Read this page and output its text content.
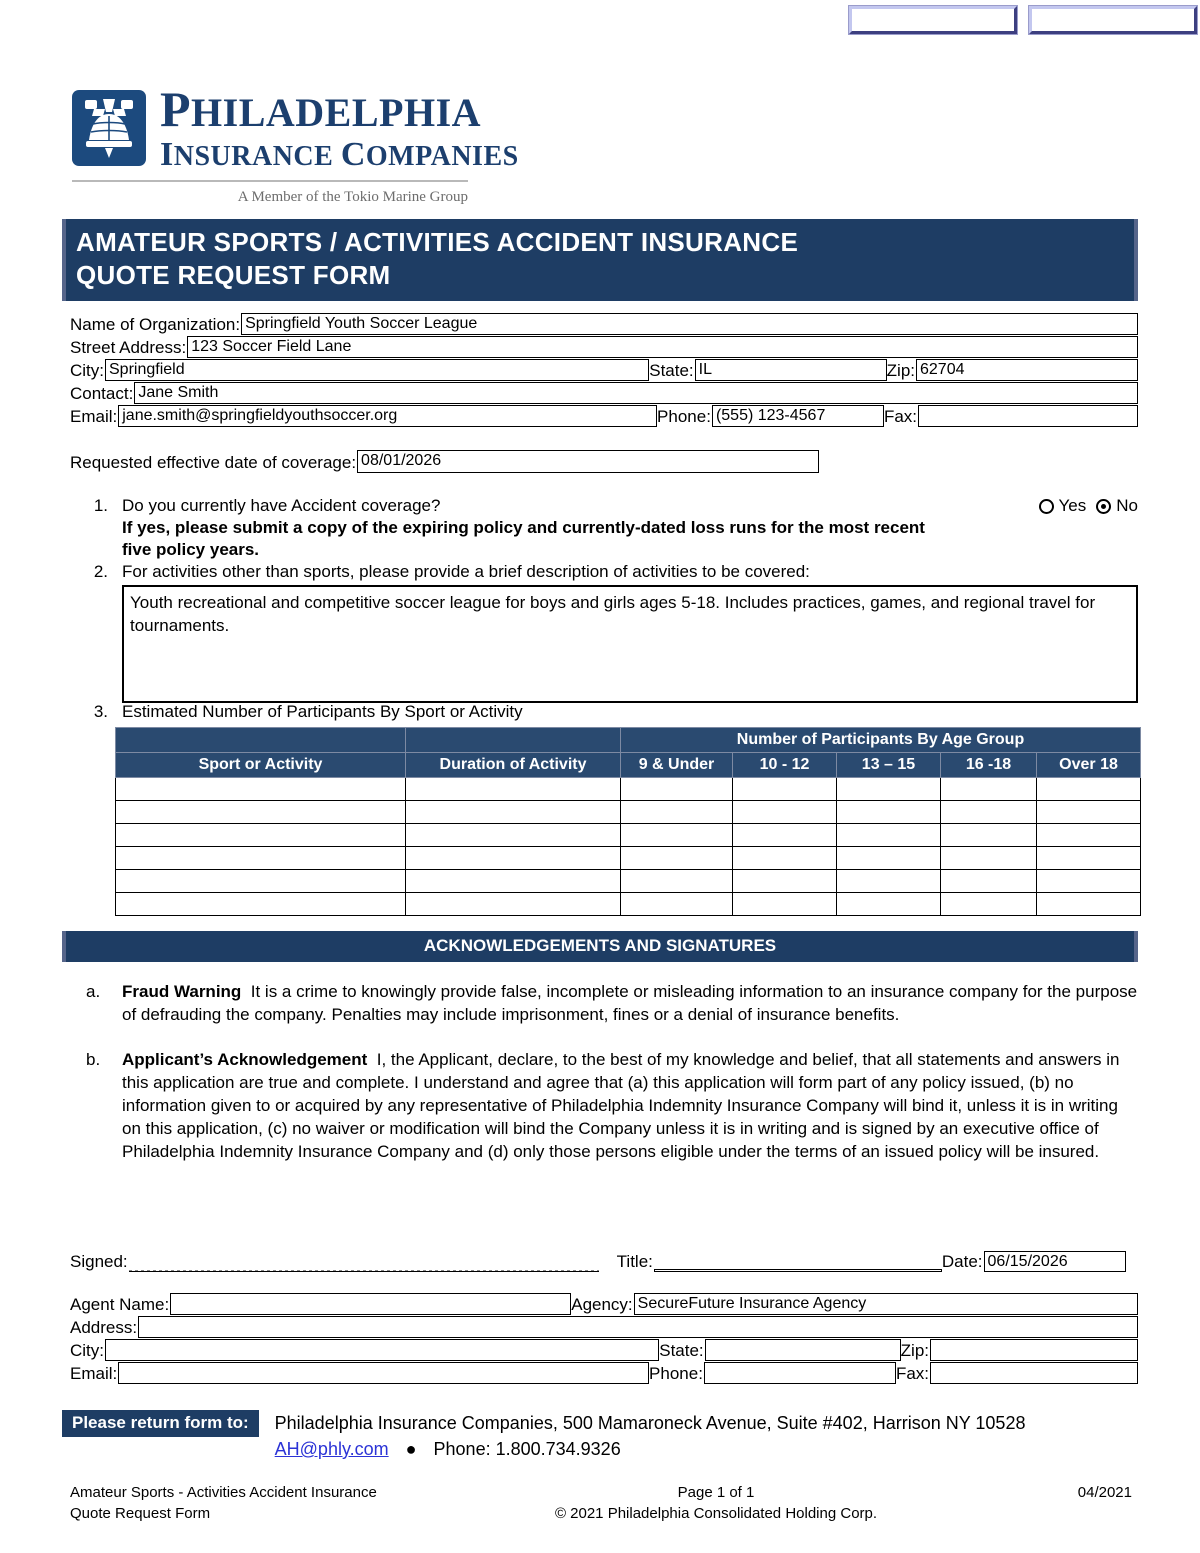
PHILADELPHIA
INSURANCE COMPANIES
A Member of the Tokio Marine Group
AMATEUR SPORTS / ACTIVITIES ACCIDENT INSURANCE
QUOTE REQUEST FORM
Name of Organization: Springfield Youth Soccer League
Street Address: 123 Soccer Field Lane
City: Springfield	State: IL	Zip: 62704
Contact: Jane Smith
Email: jane.smith@springfieldyouthsoccer.org	Phone: (555) 123-4567	Fax:
Requested effective date of coverage: 08/01/2026
1. Do you currently have Accident coverage?	Yes No
If yes, please submit a copy of the expiring policy and currently-dated loss runs for the most recent five policy years.
2. For activities other than sports, please provide a brief description of activities to be covered:
Youth recreational and competitive soccer league for boys and girls ages 5-18. Includes practices, games, and regional travel for tournaments.
3. Estimated Number of Participants By Sport or Activity
		Number of Participants By Age Group				
Sport or Activity	Duration of Activity	9 & Under	10 - 12	13 – 15	16 -18	Over 18

ACKNOWLEDGEMENTS AND SIGNATURES
a.	Fraud Warning It is a crime to knowingly provide false, incomplete or misleading information to an insurance company for the purpose of defrauding the company. Penalties may include imprisonment, fines or a denial of insurance benefits.
b.	Applicant’s Acknowledgement I, the Applicant, declare, to the best of my knowledge and belief, that all statements and answers in this application are true and complete. I understand and agree that (a) this application will form part of any policy issued, (b) no information given to or acquired by any representative of Philadelphia Indemnity Insurance Company will bind it, unless it is in writing on this application, (c) no waiver or modification will bind the Company unless it is in writing and is signed by an executive office of Philadelphia Indemnity Insurance Company and (d) only those persons eligible under the terms of an issued policy will be insured.
Signed:	Title:	Date: 06/15/2026
Agent Name:	Agency: SecureFuture Insurance Agency
Address:
City:	State:	Zip:
Email:	Phone:	Fax:
Please return form to:	Philadelphia Insurance Companies, 500 Mamaroneck Avenue, Suite #402, Harrison NY 10528
AH@phly.com ● Phone: 1.800.734.9326
Amateur Sports - Activities Accident Insurance
Quote Request Form
Page 1 of 1
© 2021 Philadelphia Consolidated Holding Corp.
04/2021
